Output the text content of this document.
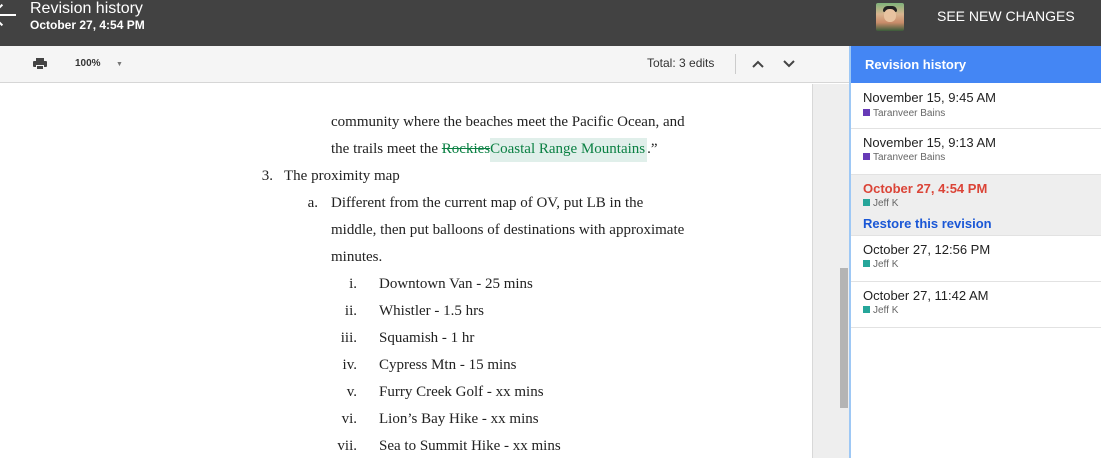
Revision history
October 27, 4:54 PM
SEE NEW CHANGES
100% ▼	Total: 3 edits
community where the beaches meet the Pacific Ocean, and
the trails meet the RockiesCoastal Range Mountains .”
3. The proximity map
a. Different from the current map of OV, put LB in the
middle, then put balloons of destinations with approximate
minutes.
i. Downtown Van - 25 mins
ii. Whistler - 1.5 hrs
iii. Squamish - 1 hr
iv. Cypress Mtn - 15 mins
v. Furry Creek Golf - xx mins
vi. Lion’s Bay Hike - xx mins
vii. Sea to Summit Hike - xx mins
Revision history
November 15, 9:45 AM
Taranveer Bains
November 15, 9:13 AM
Taranveer Bains
October 27, 4:54 PM
Jeff K
Restore this revision
October 27, 12:56 PM
Jeff K
October 27, 11:42 AM
Jeff K
